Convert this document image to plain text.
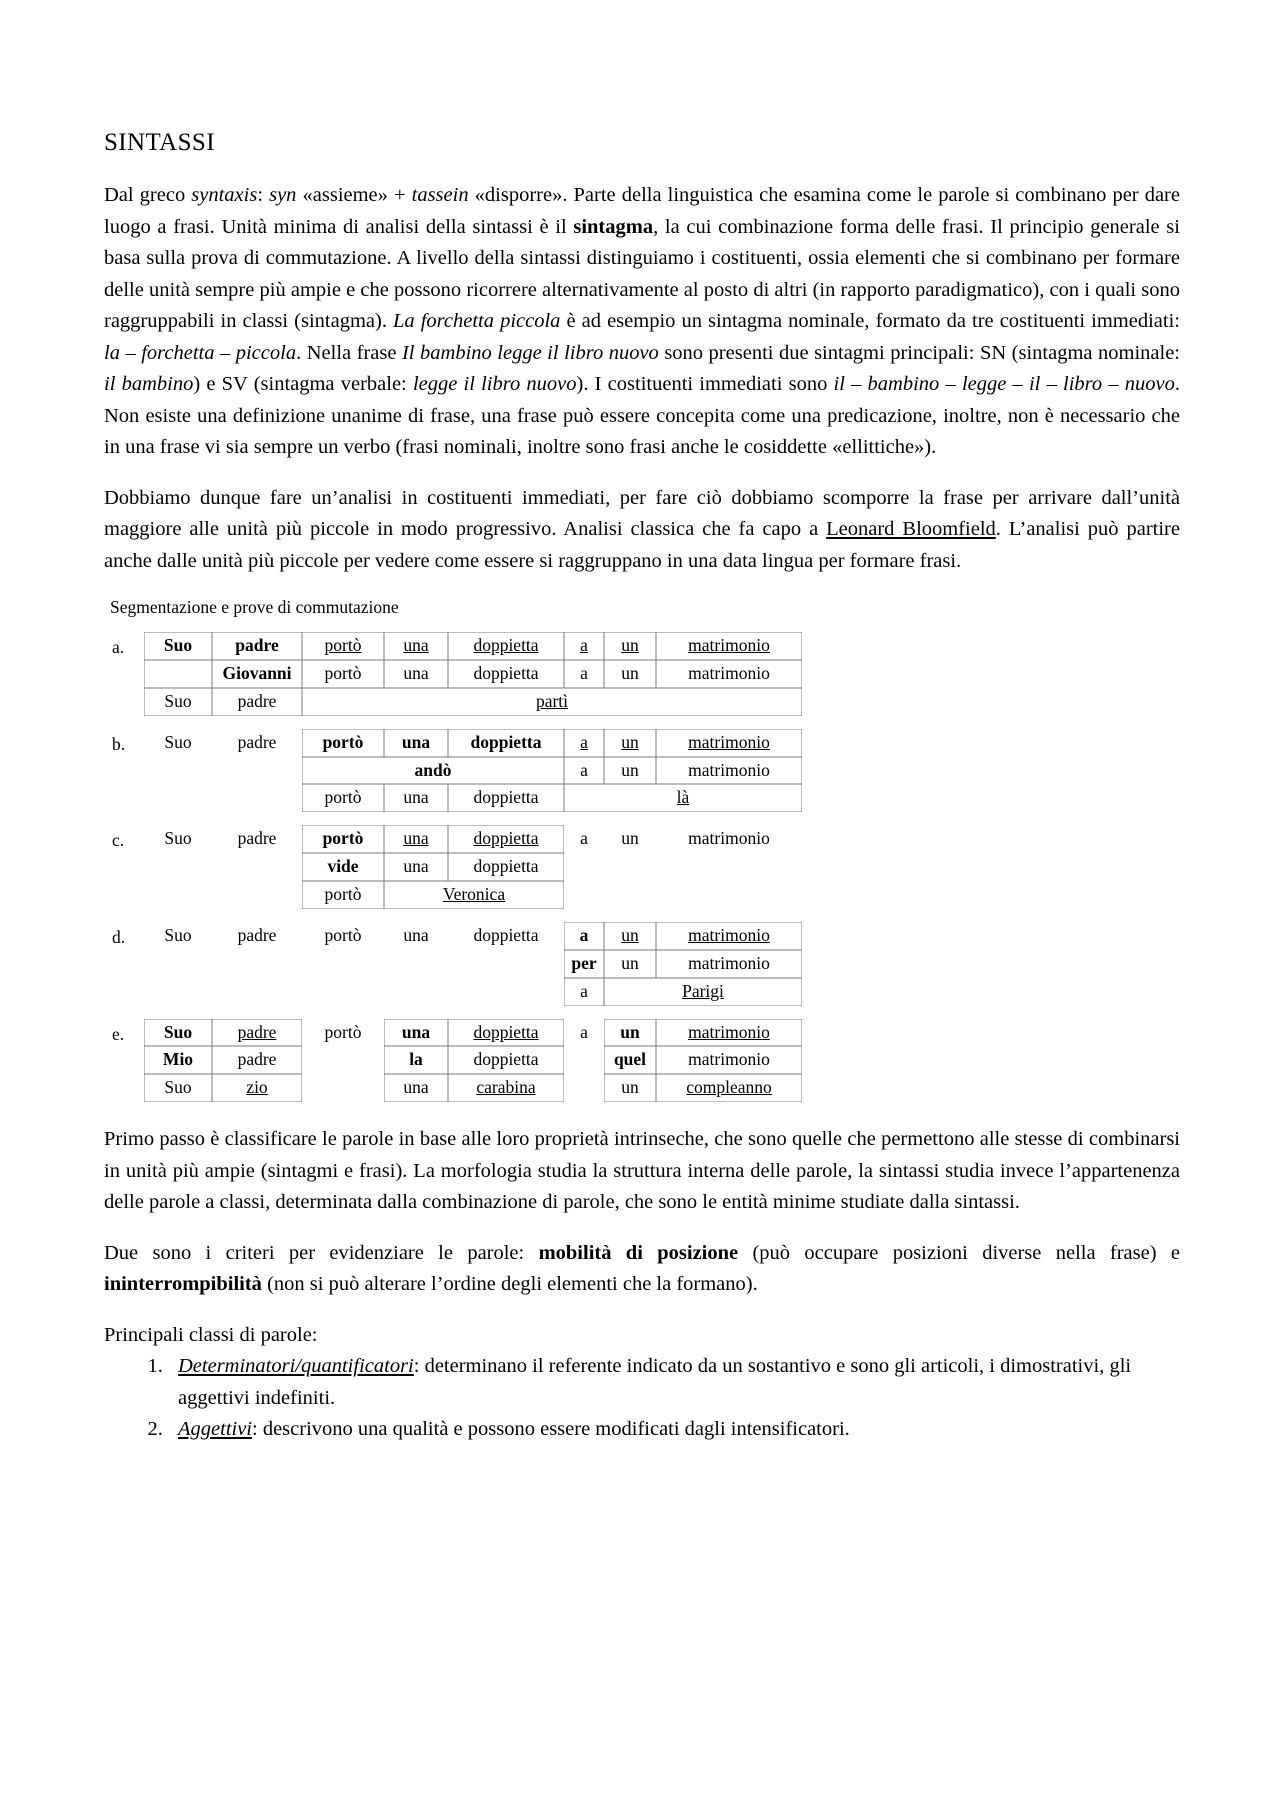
SINTASSI

Dal greco syntaxis: syn «assieme» + tassein «disporre». Parte della linguistica che esamina come le parole si combinano per dare luogo a frasi. Unità minima di analisi della sintassi è il sintagma, la cui combinazione forma delle frasi. Il principio generale si basa sulla prova di commutazione. A livello della sintassi distinguiamo i costituenti, ossia elementi che si combinano per formare delle unità sempre più ampie e che possono ricorrere alternativamente al posto di altri (in rapporto paradigmatico), con i quali sono raggruppabili in classi (sintagma). La forchetta piccola è ad esempio un sintagma nominale, formato da tre costituenti immediati: la – forchetta – piccola. Nella frase Il bambino legge il libro nuovo sono presenti due sintagmi principali: SN (sintagma nominale: il bambino) e SV (sintagma verbale: legge il libro nuovo). I costituenti immediati sono il – bambino – legge – il – libro – nuovo. Non esiste una definizione unanime di frase, una frase può essere concepita come una predicazione, inoltre, non è necessario che in una frase vi sia sempre un verbo (frasi nominali, inoltre sono frasi anche le cosiddette «ellittiche»).

Dobbiamo dunque fare un’analisi in costituenti immediati, per fare ciò dobbiamo scomporre la frase per arrivare dall’unità maggiore alle unità più piccole in modo progressivo. Analisi classica che fa capo a Leonard Bloomfield. L’analisi può partire anche dalle unità più piccole per vedere come essere si raggruppano in una data lingua per formare frasi.

Segmentazione e prove di commutazione
a.	Suo	padre	portò	una	doppietta	a	un	matrimonio
	Giovanni	portò	una	doppietta	a	un	matrimonio
Suo	padre	partì					
b.	Suo	padre	portò	una	doppietta	a	un	matrimonio
		andò			a	un	matrimonio
		portò	una	doppietta	là		
c.	Suo	padre	portò	una	doppietta	a	un	matrimonio
		vide	una	doppietta			
		portò	Veronica				
d.	Suo	padre	portò	una	doppietta	a	un	matrimonio
					per	un	matrimonio
					a	Parigi	
e.	Suo	padre	portò	una	doppietta	a	un	matrimonio
Mio	padre		la	doppietta		quel	matrimonio
Suo	zio		una	carabina		un	compleanno

Primo passo è classificare le parole in base alle loro proprietà intrinseche, che sono quelle che permettono alle stesse di combinarsi in unità più ampie (sintagmi e frasi). La morfologia studia la struttura interna delle parole, la sintassi studia invece l’appartenenza delle parole a classi, determinata dalla combinazione di parole, che sono le entità minime studiate dalla sintassi.

Due sono i criteri per evidenziare le parole: mobilità di posizione (può occupare posizioni diverse nella frase) e ininterrompibilità (non si può alterare l’ordine degli elementi che la formano).

Principali classi di parole:

1. Determinatori/quantificatori: determinano il referente indicato da un sostantivo e sono gli articoli, i dimostrativi, gli aggettivi indefiniti.
2. Aggettivi: descrivono una qualità e possono essere modificati dagli intensificatori.
